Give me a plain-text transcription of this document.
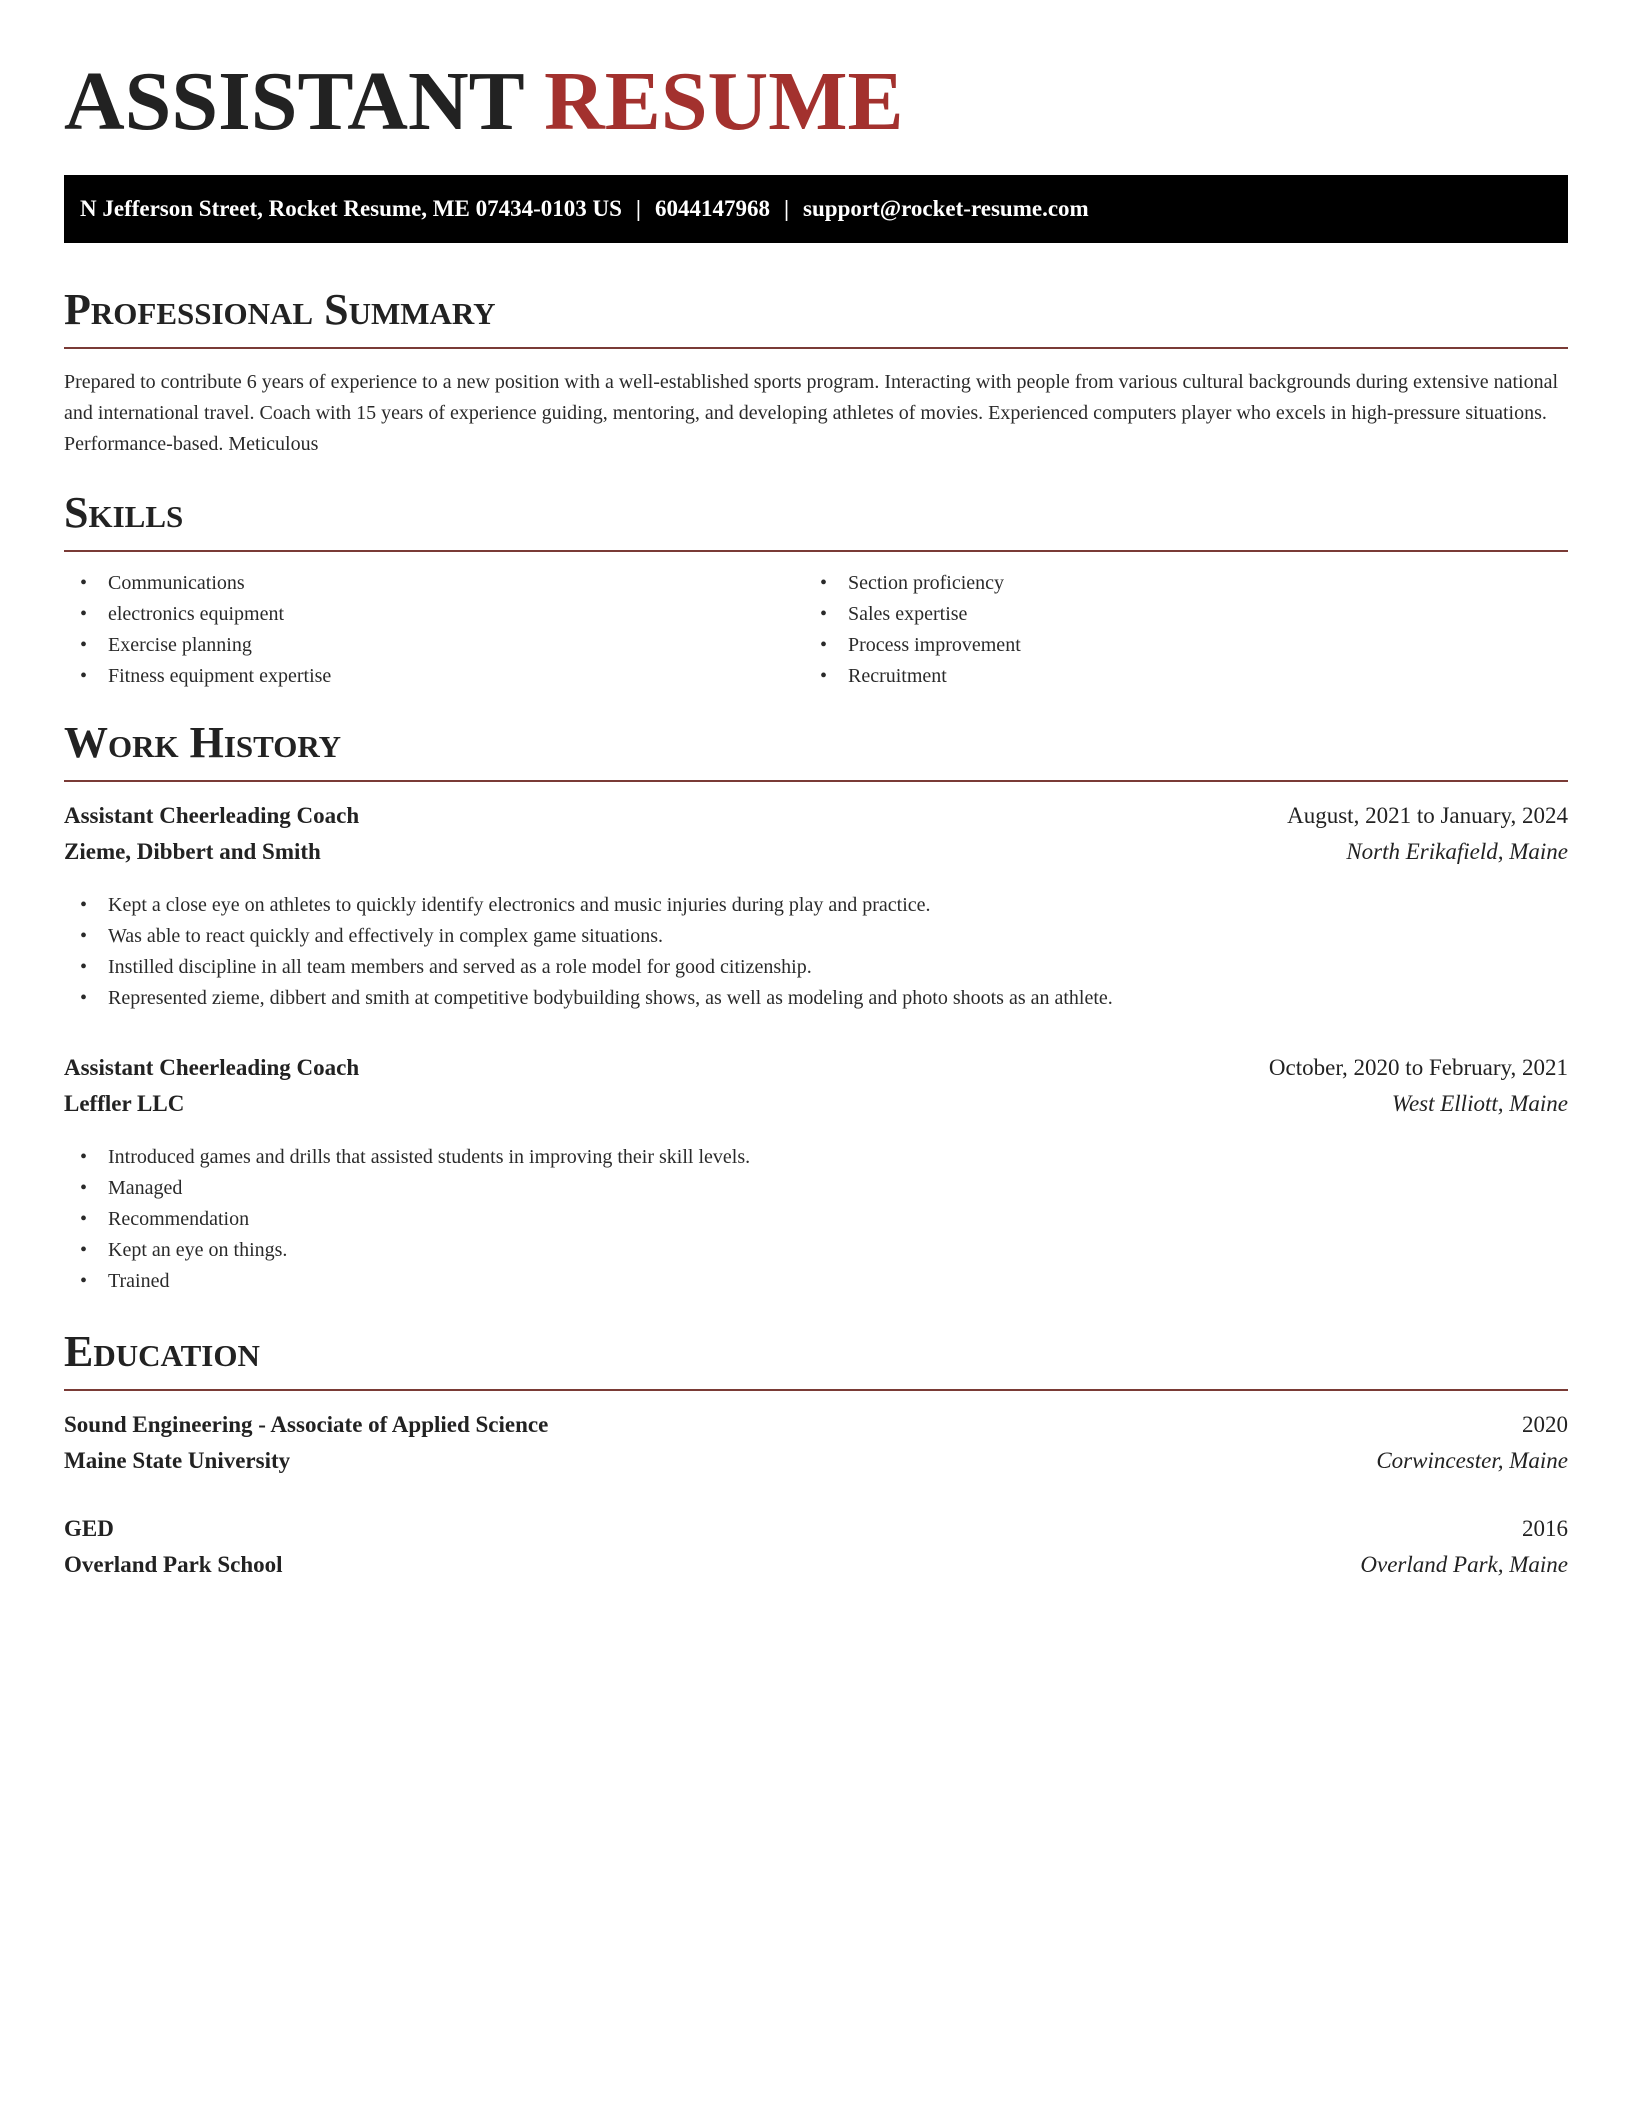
ASSISTANT RESUME
N Jefferson Street, Rocket Resume, ME 07434-0103 US | 6044147968 | support@rocket-resume.com
Professional Summary
Prepared to contribute 6 years of experience to a new position with a well-established sports program. Interacting with people from various cultural backgrounds during extensive national and international travel. Coach with 15 years of experience guiding, mentoring, and developing athletes of movies. Experienced computers player who excels in high-pressure situations. Performance-based. Meticulous
Skills
• Communications
• electronics equipment
• Exercise planning
• Fitness equipment expertise
• Section proficiency
• Sales expertise
• Process improvement
• Recruitment
Work History
Assistant Cheerleading Coach	August, 2021 to January, 2024
Zieme, Dibbert and Smith	North Erikafield, Maine
• Kept a close eye on athletes to quickly identify electronics and music injuries during play and practice.
• Was able to react quickly and effectively in complex game situations.
• Instilled discipline in all team members and served as a role model for good citizenship.
• Represented zieme, dibbert and smith at competitive bodybuilding shows, as well as modeling and photo shoots as an athlete.
Assistant Cheerleading Coach	October, 2020 to February, 2021
Leffler LLC	West Elliott, Maine
• Introduced games and drills that assisted students in improving their skill levels.
• Managed
• Recommendation
• Kept an eye on things.
• Trained
Education
Sound Engineering - Associate of Applied Science	2020
Maine State University	Corwincester, Maine
GED	2016
Overland Park School	Overland Park, Maine
